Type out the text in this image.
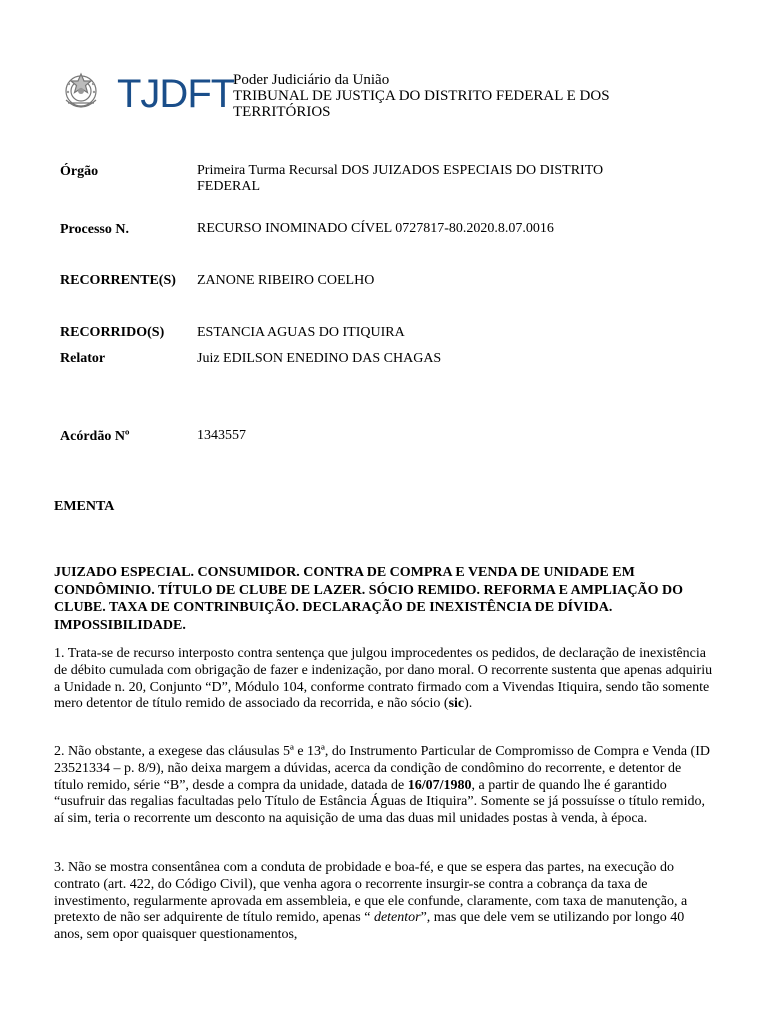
TJDFT
Poder Judiciário da União
TRIBUNAL DE JUSTIÇA DO DISTRITO FEDERAL E DOS
TERRITÓRIOS
Órgão	Primeira Turma Recursal DOS JUIZADOS ESPECIAIS DO DISTRITO
FEDERAL
Processo N.	RECURSO INOMINADO CÍVEL 0727817-80.2020.8.07.0016
RECORRENTE(S) ZANONE RIBEIRO COELHO
RECORRIDO(S) ESTANCIA AGUAS DO ITIQUIRA
Relator	Juiz EDILSON ENEDINO DAS CHAGAS
Acórdão Nº	1343557
EMENTA
JUIZADO ESPECIAL. CONSUMIDOR. CONTRA DE COMPRA E VENDA DE UNIDADE EM CONDÔMINIO. TÍTULO DE CLUBE DE LAZER. SÓCIO REMIDO. REFORMA E AMPLIAÇÃO DO CLUBE. TAXA DE CONTRINBUIÇÃO. DECLARAÇÃO DE INEXISTÊNCIA DE DÍVIDA. IMPOSSIBILIDADE.
1. Trata-se de recurso interposto contra sentença que julgou improcedentes os pedidos, de declaração de inexistência de débito cumulada com obrigação de fazer e indenização, por dano moral. O recorrente sustenta que apenas adquiriu a Unidade n. 20, Conjunto “D”, Módulo 104, conforme contrato firmado com a Vivendas Itiquira, sendo tão somente mero detentor de título remido de associado da recorrida, e não sócio (sic).
2. Não obstante, a exegese das cláusulas 5ª e 13ª, do Instrumento Particular de Compromisso de Compra e Venda (ID 23521334 – p. 8/9), não deixa margem a dúvidas, acerca da condição de condômino do recorrente, e detentor de título remido, série “B”, desde a compra da unidade, datada de 16/07/1980, a partir de quando lhe é garantido “usufruir das regalias facultadas pelo Título de Estância Águas de Itiquira”. Somente se já possuísse o título remido, aí sim, teria o recorrente um desconto na aquisição de uma das duas mil unidades postas à venda, à época.
3. Não se mostra consentânea com a conduta de probidade e boa-fé, e que se espera das partes, na execução do contrato (art. 422, do Código Civil), que venha agora o recorrente insurgir-se contra a cobrança da taxa de investimento, regularmente aprovada em assembleia, e que ele confunde, claramente, com taxa de manutenção, a pretexto de não ser adquirente de título remido, apenas “ detentor”, mas que dele vem se utilizando por longo 40 anos, sem opor quaisquer questionamentos,
